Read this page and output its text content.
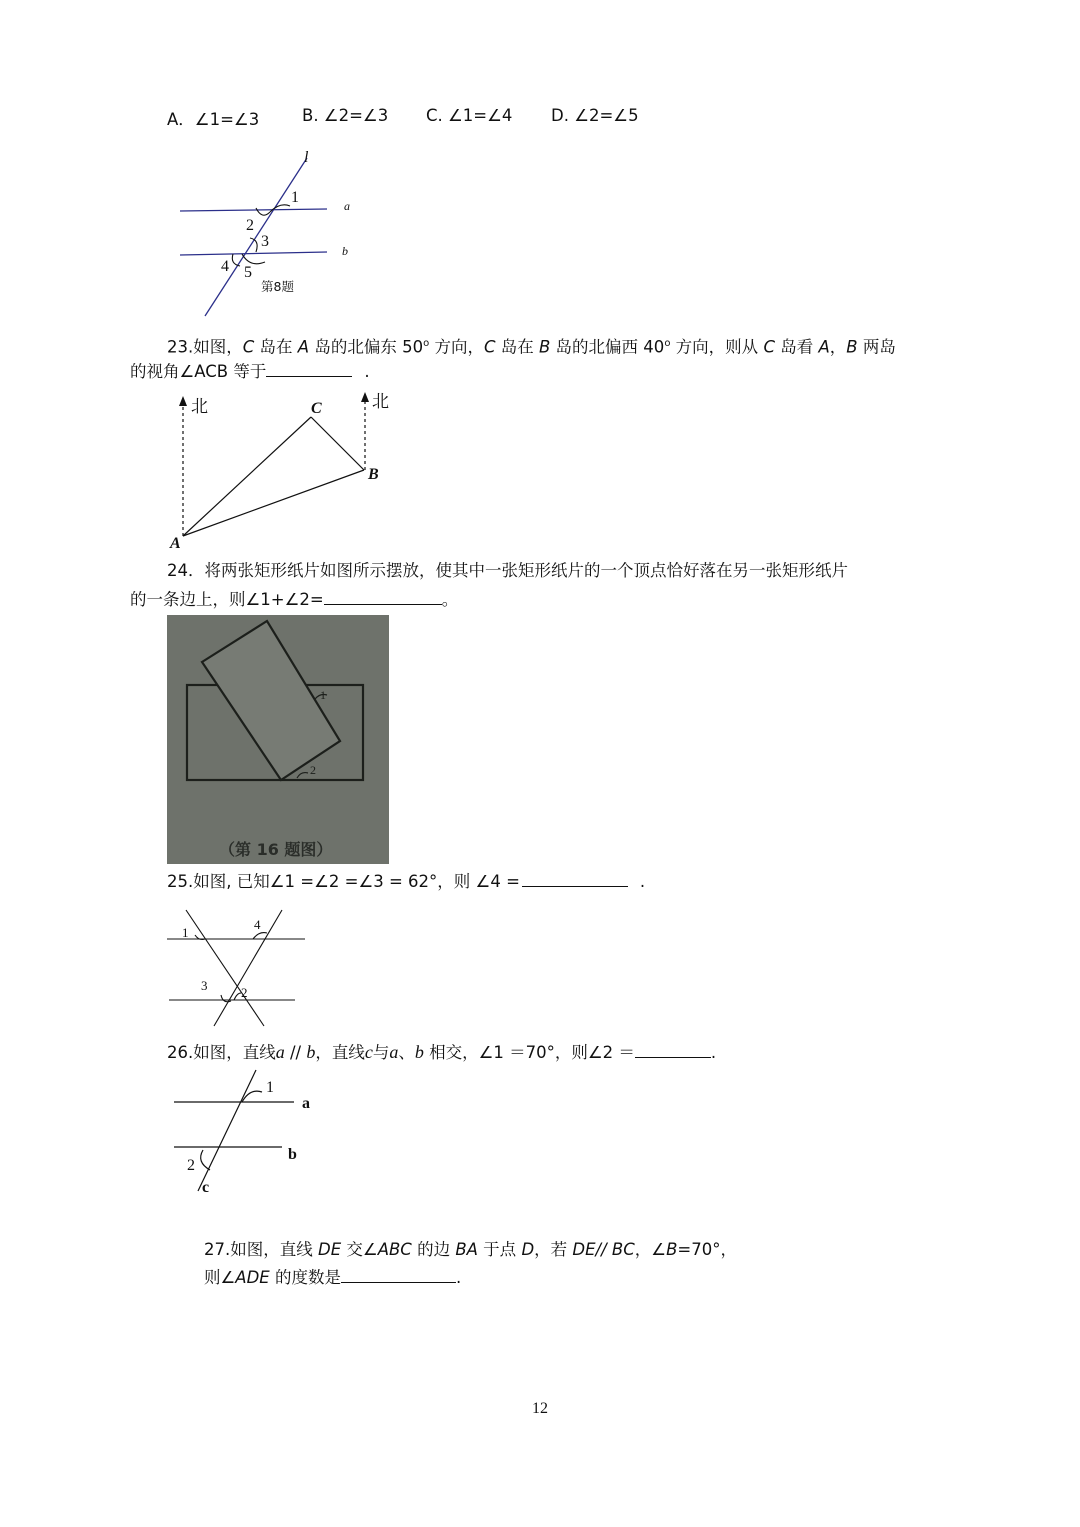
A．∠1=∠3	B. ∠2=∠3 C. ∠1=∠4 D. ∠2=∠5
l
1
2
3
4 5
a
b
第8题
23.如图，C 岛在 A 岛的北偏东 50$^o$ 方向，C 岛在 B 岛的北偏西 40$^o$ 方向，则从 C 岛看 A，B 两岛
的视角∠ACB 等于	.
北	北
C
B
A
24．将两张矩形纸片如图所示摆放，使其中一张矩形纸片的一个顶点恰好落在另一张矩形纸片
的一条边上，则∠1+∠2=	。
1
2
（第 16 题图）
25.如图, 已知∠1 =∠2 =∠3 = 62°，则 ∠4 =	.
1
4
3	2
26.如图，直线a // b，直线c与a、b 相交，∠1 ＝70°，则∠2 ＝	.
1
2
a
b
c
27.如图，直线 DE 交∠ABC 的边 BA 于点 D，若 DE// BC，∠B=70°，
则∠ADE 的度数是	.
12
